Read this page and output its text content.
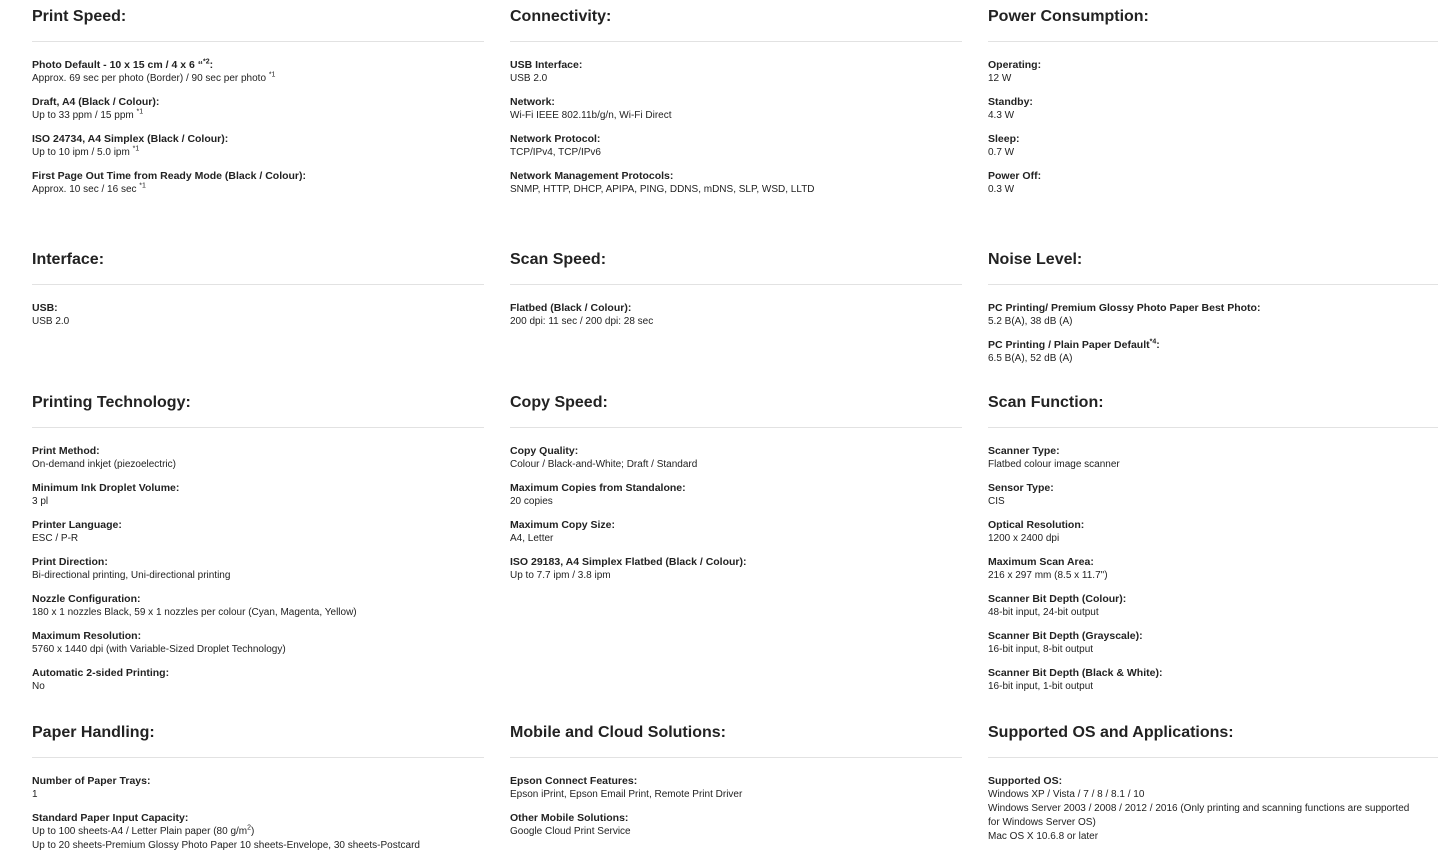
Print Speed:
Photo Default - 10 x 15 cm / 4 x 6 “$^{*2}$:
Approx. 69 sec per photo (Border) / 90 sec per photo $^{*1}$
Draft, A4 (Black / Colour):
Up to 33 ppm / 15 ppm $^{*1}$
ISO 24734, A4 Simplex (Black / Colour):
Up to 10 ipm / 5.0 ipm $^{*1}$
First Page Out Time from Ready Mode (Black / Colour):
Approx. 10 sec / 16 sec $^{*1}$
Interface:
USB:
USB 2.0
Printing Technology:
Print Method:
On-demand inkjet (piezoelectric)
Minimum Ink Droplet Volume:
3 pl
Printer Language:
ESC / P-R
Print Direction:
Bi-directional printing, Uni-directional printing
Nozzle Configuration:
180 x 1 nozzles Black, 59 x 1 nozzles per colour (Cyan, Magenta, Yellow)
Maximum Resolution:
5760 x 1440 dpi (with Variable-Sized Droplet Technology)
Automatic 2-sided Printing:
No
Paper Handling:
Number of Paper Trays:
1
Standard Paper Input Capacity:
Up to 100 sheets-A4 / Letter Plain paper (80 $g/m^2$)
Up to 20 sheets-Premium Glossy Photo Paper 10 sheets-Envelope, 30 sheets-Postcard
Connectivity:
USB Interface:
USB 2.0
Network:
Wi-Fi IEEE 802.11b/g/n, Wi-Fi Direct
Network Protocol:
TCP/IPv4, TCP/IPv6
Network Management Protocols:
SNMP, HTTP, DHCP, APIPA, PING, DDNS, mDNS, SLP, WSD, LLTD
Scan Speed:
Flatbed (Black / Colour):
200 dpi: 11 sec / 200 dpi: 28 sec
Copy Speed:
Copy Quality:
Colour / Black-and-White; Draft / Standard
Maximum Copies from Standalone:
20 copies
Maximum Copy Size:
A4, Letter
ISO 29183, A4 Simplex Flatbed (Black / Colour):
Up to 7.7 ipm / 3.8 ipm
Mobile and Cloud Solutions:
Epson Connect Features:
Epson iPrint, Epson Email Print, Remote Print Driver
Other Mobile Solutions:
Google Cloud Print Service
Power Consumption:
Operating:
12 W
Standby:
4.3 W
Sleep:
0.7 W
Power Off:
0.3 W
Noise Level:
PC Printing/ Premium Glossy Photo Paper Best Photo:
5.2 B(A), 38 dB (A)
PC Printing / Plain Paper Default$^{*4}$:
6.5 B(A), 52 dB (A)
Scan Function:
Scanner Type:
Flatbed colour image scanner
Sensor Type:
CIS
Optical Resolution:
1200 x 2400 dpi
Maximum Scan Area:
216 x 297 mm (8.5 x 11.7")
Scanner Bit Depth (Colour):
48-bit input, 24-bit output
Scanner Bit Depth (Grayscale):
16-bit input, 8-bit output
Scanner Bit Depth (Black & White):
16-bit input, 1-bit output
Supported OS and Applications:
Supported OS:
Windows XP / Vista / 7 / 8 / 8.1 / 10
Windows Server 2003 / 2008 / 2012 / 2016 (Only printing and scanning functions are supported
for Windows Server OS)
Mac OS X 10.6.8 or later
